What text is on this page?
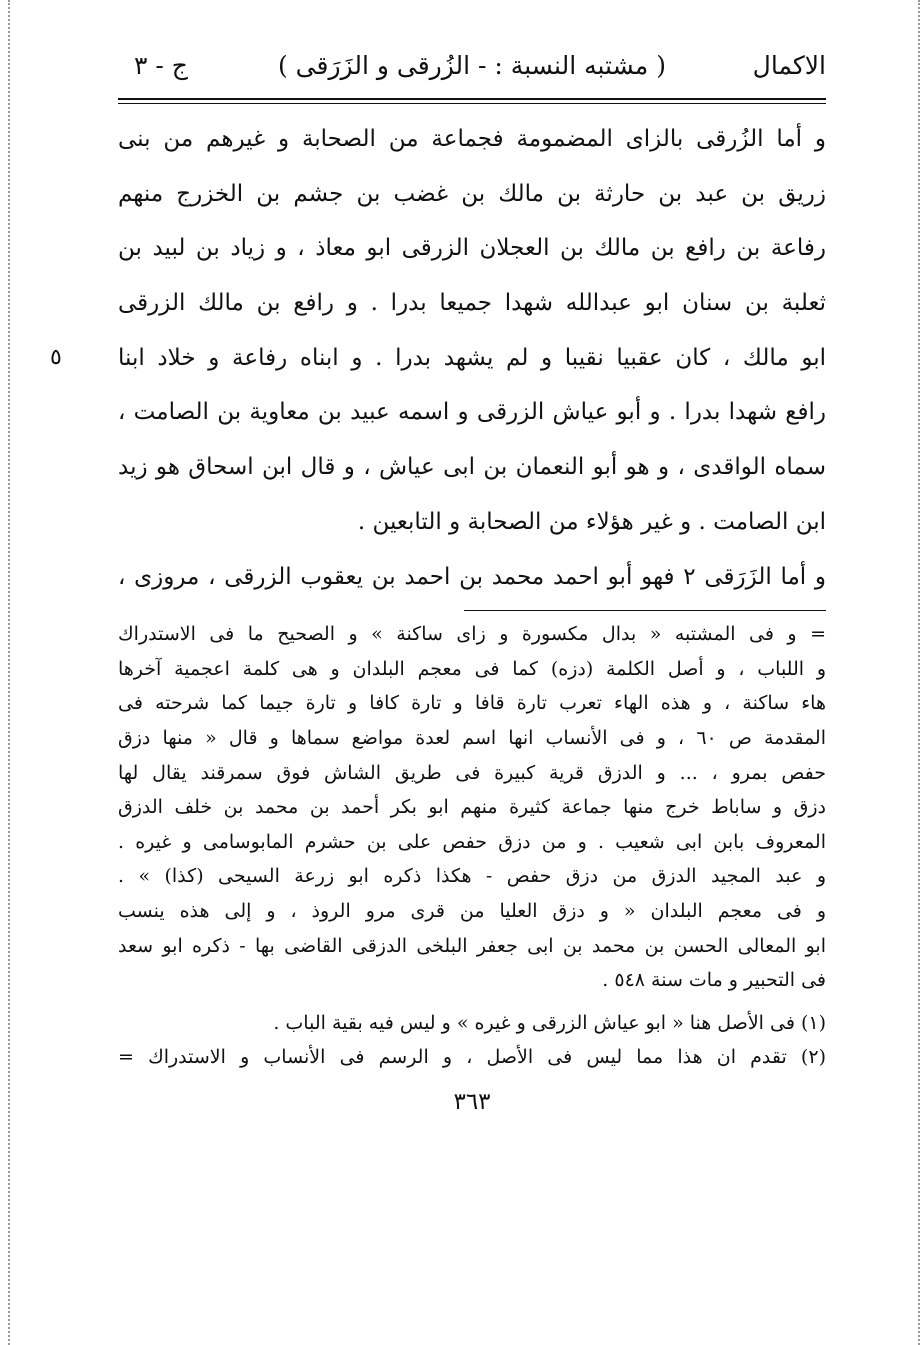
الاكمال
( مشتبه النسبة : - الزُرقى و الزَرَقى )
ج - ٣
و أما الزُرقى بالزاى المضمومة فجماعة من الصحابة و غيرهم من بنى
زريق بن عبد بن حارثة بن مالك بن غضب بن جشم بن الخزرج منهم
رفاعة بن رافع بن مالك بن العجلان الزرقى ابو معاذ ، و زياد بن لبيد بن
ثعلبة بن سنان ابو عبدالله شهدا جميعا بدرا . و رافع بن مالك الزرقى
ابو مالك ، كان عقبيا نقيبا و لم يشهد بدرا . و ابناه رفاعة و خلاد ابنا
٥
رافع شهدا بدرا . و أبو عياش الزرقى و اسمه عبيد بن معاوية بن الصامت ،
سماه الواقدى ، و هو أبو النعمان بن ابى عياش ، و قال ابن اسحاق هو زيد
ابن الصامت . و غير هؤلاء من الصحابة و التابعين .
و أما الزَرَقى ٢ فهو أبو احمد محمد بن احمد بن يعقوب الزرقى ، مروزى ،
= و فى المشتبه « بدال مكسورة و زاى ساكنة » و الصحيح ما فى الاستدراك
و اللباب ، و أصل الكلمة (دزه) كما فى معجم البلدان و هى كلمة اعجمية آخرها
هاء ساكنة ، و هذه الهاء تعرب تارة قافا و تارة كافا و تارة جيما كما شرحته فى
المقدمة ص ٦٠ ، و فى الأنساب انها اسم لعدة مواضع سماها و قال « منها دزق
حفص بمرو ، ... و الدزق قرية كبيرة فى طريق الشاش فوق سمرقند يقال لها
دزق و ساباط خرج منها جماعة كثيرة منهم ابو بكر أحمد بن محمد بن خلف الدزق
المعروف بابن ابى شعيب . و من دزق حفص على بن حشرم المابوسامى و غيره .
و عبد المجيد الدزق من دزق حفص - هكذا ذكره ابو زرعة السيحى (كذا) » .
و فى معجم البلدان « و دزق العليا من قرى مرو الروذ ، و إلى هذه ينسب
ابو المعالى الحسن بن محمد بن ابى جعفر البلخى الدزقى القاضى بها - ذكره ابو سعد
فى التحبير و مات سنة ٥٤٨ .
(١) فى الأصل هنا « ابو عياش الزرقى و غيره » و ليس فيه بقية الباب .
(٢) تقدم ان هذا مما ليس فى الأصل ، و الرسم فى الأنساب و الاستدراك =
٣٦٣
